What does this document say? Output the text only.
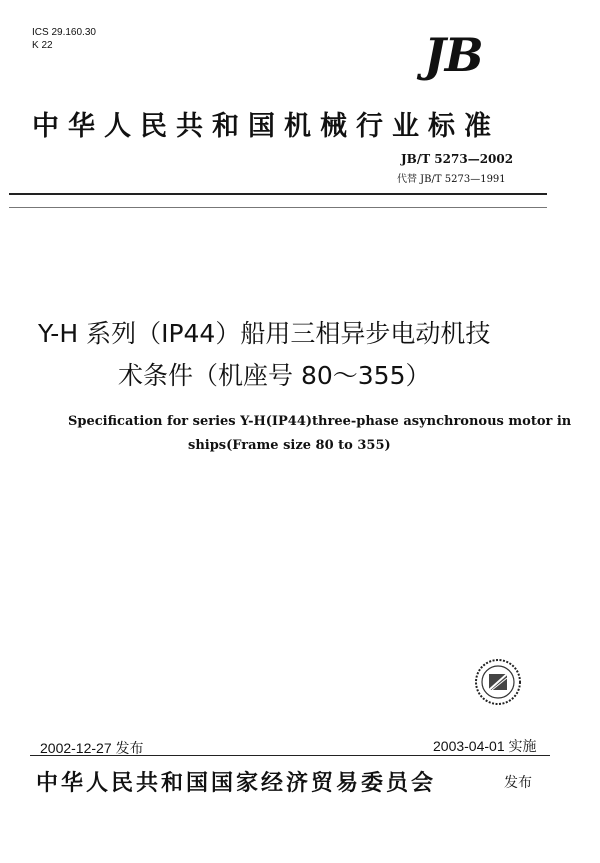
ICS 29.160.30
K 22	JB
中华人民共和国机械行业标准
JB/T 5273—2002
代替 JB/T 5273—1991
Y-H 系列（IP44）船用三相异步电动机技
术条件（机座号 80～355）
Specification for series Y-H(IP44)three-phase asynchronous motor in
ships(Frame size 80 to 355)
2002-12-27 发布	2003-04-01 实施
中华人民共和国国家经济贸易委员会	发布
